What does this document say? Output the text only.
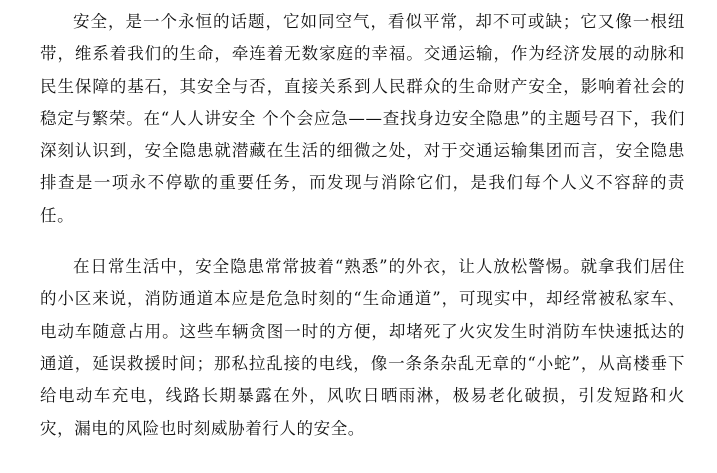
安全，是一个永恒的话题，它如同空气，看似平常，却不可或缺；它又像一根纽带，维系着我们的生命，牵连着无数家庭的幸福。交通运输，作为经济发展的动脉和民生保障的基石，其安全与否，直接关系到人民群众的生命财产安全，影响着社会的稳定与繁荣。在“人人讲安全 个个会应急——查找身边安全隐患”的主题号召下，我们深刻认识到，安全隐患就潜藏在生活的细微之处，对于交通运输集团而言，安全隐患排查是一项永不停歇的重要任务，而发现与消除它们，是我们每个人义不容辞的责任。

在日常生活中，安全隐患常常披着“熟悉”的外衣，让人放松警惕。就拿我们居住的小区来说，消防通道本应是危急时刻的“生命通道”，可现实中，却经常被私家车、电动车随意占用。这些车辆贪图一时的方便，却堵死了火灾发生时消防车快速抵达的通道，延误救援时间；那私拉乱接的电线，像一条条杂乱无章的“小蛇”，从高楼垂下给电动车充电，线路长期暴露在外，风吹日晒雨淋，极易老化破损，引发短路和火灾，漏电的风险也时刻威胁着行人的安全。
